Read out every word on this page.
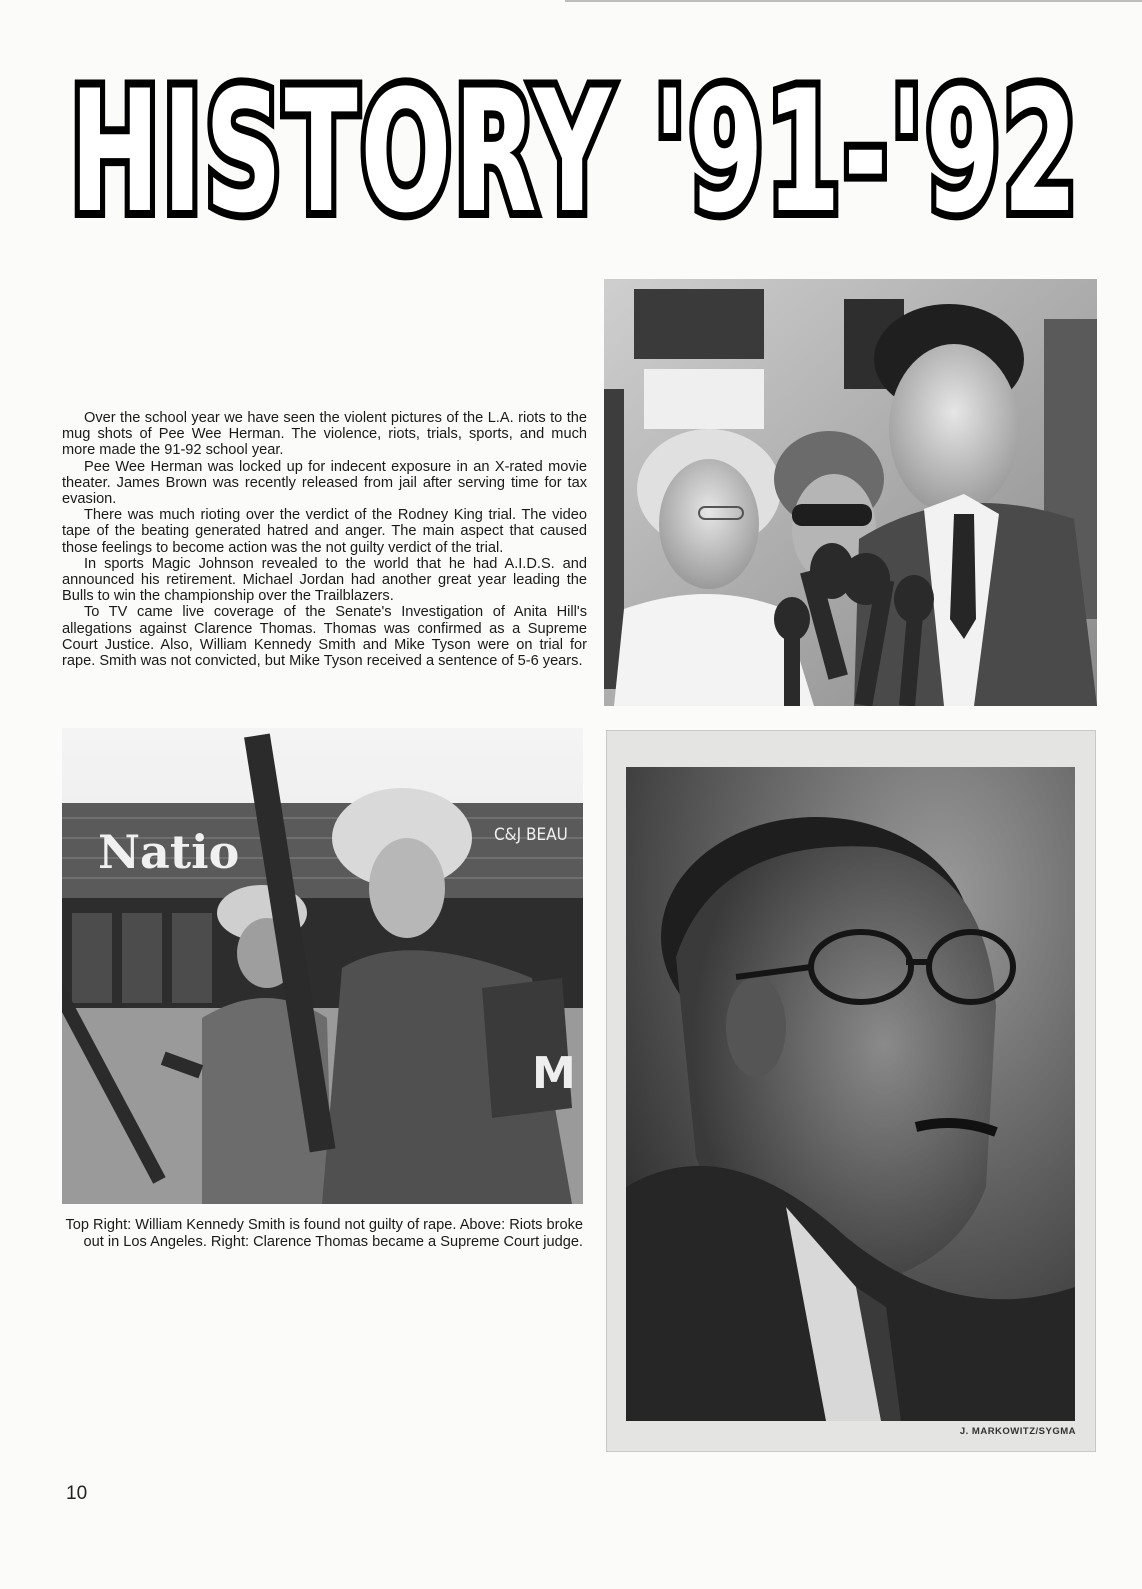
HISTORY '91-'92

Over the school year we have seen the violent pictures of the L.A. riots to the mug shots of Pee Wee Herman. The violence, riots, trials, sports, and much more made the 91-92 school year.

Pee Wee Herman was locked up for indecent exposure in an X-rated movie theater. James Brown was recently released from jail after serving time for tax evasion.

There was much rioting over the verdict of the Rodney King trial. The video tape of the beating generated hatred and anger. The main aspect that caused those feelings to become action was the not guilty verdict of the trial.

In sports Magic Johnson revealed to the world that he had A.I.D.S. and announced his retirement. Michael Jordan had another great year leading the Bulls to win the championship over the Trailblazers.

To TV came live coverage of the Senate's Investigation of Anita Hill's allegations against Clarence Thomas. Thomas was confirmed as a Supreme Court Justice. Also, William Kennedy Smith and Mike Tyson were on trial for rape. Smith was not convicted, but Mike Tyson received a sentence of 5-6 years.

Natio	C&J BEAU
M
J. MARKOWITZ/SYGMA
Top Right: William Kennedy Smith is found not guilty of rape. Above: Riots broke out in Los Angeles. Right: Clarence Thomas became a Supreme Court judge.
10
